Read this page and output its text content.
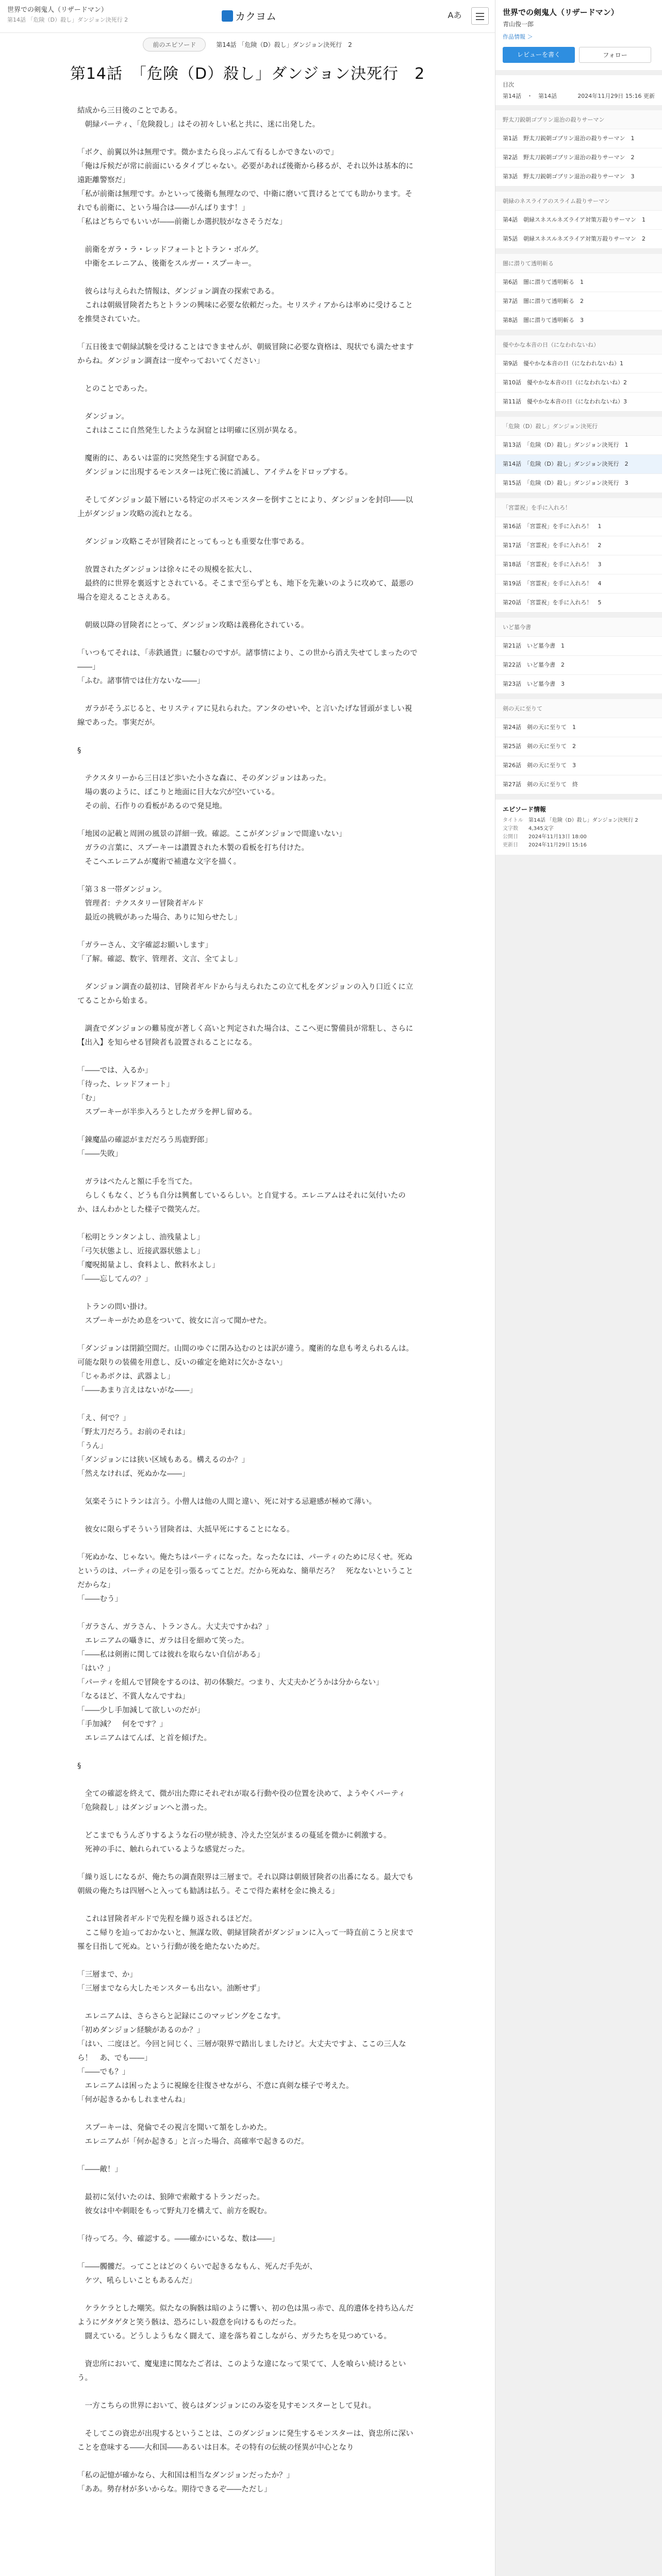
世界での剣鬼人（リザードマン）
第14話 「危険（D）殺し」ダンジョン決死行 2	カクヨム	Aあ
前のエピソード	第14話 「危険（D）殺し」ダンジョン決死行　2
第14話　「危険（D）殺し」ダンジョン決死行　2

結成から三日後のことである。
　朝緑パーティ、「危険殺し」はその初々しい私と共に、迷に出発した。

「ボク、前翼以外は無理です。微かまたら良っぷんて有るしかできないので」
「俺は斥候だが常に前面にいるタイプじゃない。必要があれば後衛から移るが、それ以外は基本的に遠距離警察だ」
「私が前衛は無理です。かといって後衛も無理なので、中衛に磨いて貰けるとてても助かります。それでも前衛に、という場合は――がんばります！」
「私はどちらでもいいが――前衛しか選択肢がなさそうだな」

　前衛をガラ・ラ・レッドフォートとトラン・ボルグ。
　中衛をエレニアム、後衛をスルガー・スプーキー。

　彼らは与えられた情報は、ダンジョン調査の探索である。
　これは朝級冒険者たちとトランの興味に必要な依頼だった。セリスティアからは率めに受けることを推奨されていた。

「五日後まで朝緑試験を受けることはできませんが、朝級冒険に必要な資格は、現状でも満たせますからね。ダンジョン調査は一度やっておいてください」

　とのことであった。

　ダンジョン。
　これはここに自然発生したような洞窟とは明確に区別が異なる。

　魔術的に、あるいは霊的に突然発生する洞窟である。
　ダンジョンに出現するモンスターは死亡後に消滅し、アイテムをドロップする。

　そしてダンジョン最下層にいる特定のボスモンスターを倒すことにより、ダンジョンを封印――以上がダンジョン攻略の流れとなる。

　ダンジョン攻略こそが冒険者にとってもっとも重要な仕事である。

　放置されたダンジョンは徐々にその規模を拡大し、
　最終的に世界を裏返すとされている。そこまで至らずとも、地下を先兼いのように攻めて、最悪の場合を迎えることさえある。

　朝級以降の冒険者にとって、ダンジョン攻略は義務化されている。

「いつもてそれは、「赤鉄通貨」に騒むのですが。諸事情により、この世から消え失せてしまったので――」
「ふむ。諸事情では仕方ないな――」

　ガラがそうぶじると、セリスティアに見れられた。アンタのせいや、と言いたげな冒頭がましい視線であった。事実だが。

§

　テクスタリーから三日ほど歩いた小さな森に、そのダンジョンはあった。
　場の裏のように、ぽこりと地面に目大な穴が空いている。
　その前、石作りの看板があるので発見地。

「地図の記載と周囲の風景の詳細一致。確認。ここがダンジョンで間違いない」
　ガラの言葉に、スプーキーは讃置された木製の看板を打ち付けた。
　そこへエレニアムが魔術で補遺な文字を描く。

「第３８一帯ダンジョン。
　管理者：テクスタリー冒険者ギルド
　最近の挑戦があった場合、ありに知らせたし」

「ガラーさん、文字確認お願いします」
「了解。確認、数字、管理者、文言、全てよし」

　ダンジョン調査の最初は、冒険者ギルドから与えられたこの立て札をダンジョンの入り口近くに立てることから始まる。

　調査でダンジョンの難易度が著しく高いと判定された場合は、ここへ更に警備員が常駐し、さらに【出入】を知らせる冒険者も設置されることになる。

「――では、入るか」
「待った、レッドフォート」
「む」
　スプーキーが半歩入ろうとしたガラを押し留める。

「錬魔晶の確認がまだだろう馬鹿野郎」
「――失敗」

　ガラはペたんと額に手を当てた。
　らしくもなく、どうも自分は興奮しているらしい。と自覚する。エレニアムはそれに気付いたのか、ほんわかとした様子で微笑んだ。

「松明とランタンよし、油残量よし」
「弓矢状態よし、近接武器状態よし」
「魔呪掲量よし、食料よし、飲料水よし」
「――忘してんの？」

　トランの問い掛け。
　スプーキーがため息をついて、彼女に言って聞かせた。

「ダンジョンは閉鎖空間だ。山間のゆぐに閉み込むのとは訳が違う。魔術的な息も考えられるんは。可能な限りの装備を用意し、反いの確定を絶対に欠かさない」
「じゃあボクは、武器よし」
「――あまり言えはないがな――」

「え、何で？」
「野太刀だろう。お前のそれは」
「うん」
「ダンジョンには狭い区域もある。構えるのか？」
「然えなければ、死ぬかな――」

　気楽そうにトランは言う。小僧人は他の人間と違い、死に対する忌避感が極めて薄い。

　彼女に限らずそういう冒険者は、大抵早死にすることになる。

「死ぬかな、じゃない。俺たちはパーティになった。なったなには、パーティのために尽くせ。死ぬというのは、パーティの足を引っ張るってことだ。だから死ぬな、簡単だろ？　死なないということだからな」
「――むう」

「ガラさん、ガラさん、トランさん。大丈夫ですかね？」
　エレニアムの囁きに、ガラは目を細めて笑った。
「――私は剣術に関しては彼れを取らない自信がある」
「はい？」
「パーティを組んで冒険をするのは、初の体験だ。つまり、大丈夫かどうかは分からない」
「なるほど、不賞人なんですね」
「――少し手加減して欲しいのだが」
「手加減？　何をです？」
　エレニアムはてんぱ、と首を傾げた。

§

　全ての確認を終えて、微が出た際にそれぞれが取る行動や役の位置を決めて、ようやくパーティ「危険殺し」はダンジョンへと潜った。

　どこまでもうんざりするような石の壁が続き、冷えた空気がまるの蔓延を微かに刺激する。
　死神の手に、触れられているような感覚だった。

「繰り返しになるが、俺たちの調査限界は三層まで。それ以降は朝級冒険者の出番になる。最大でも朝級の俺たちは四層へと入っても勧誘は払う。そこで得た素材を金に換える」

　これは冒険者ギルドで先程を繰り返されるほどだ。
　ここ帰りを辿っておかないと、無謀な敗、朝緑冒険者がダンジョンに入って一時直前こうと戻まで罹を目指して死ぬ。という行動が後を絶たないためだ。

「三層まで、か」
「三層までなら大したモンスターも出ない。油断せず」

　エレニアムは、さらさらと記録にこのマッピングをこなす。
「初めダンジョン経験があるのか？」
「はい、二度ほど。今回と同じく、三層が限界で踏出しましたけど。大丈夫ですよ、ここの三人なら！　あ、でも――」
「――でも？」
　エレニアムは困ったように視線を往復させながら、不意に真剣な様子で考えた。
「何が起きるかもしれませんね」

　スプーキーは、発倫でその視言を聞いて頷をしかめた。
　エレニアムが「何か起きる」と言った場合、高確率で起きるのだ。

「――敵！」

　最初に気付いたのは、狼陣で索敵するトランだった。
　彼女は中や刺眼をもって野丸刀を構えて、前方を睨む。

「待ってろ。今、確認する。――確かにいるな、数は――」

「――髑髏だ。ってことはどのくらいで起きるなもん、死んだ手先が、
　ケツ、吼らしいこともあるんだ」

　ケラケラとした嘲笑。似たなの胸骸は暗のように響い、初の色は黒っ赤で、乱的遺体を持ち込んだようにゲタゲタと笑う骸は、恐ろにしい殺意を向けるものだった。
　闘えている。どうしようもなく闘えて、違を落ち着こしながら、ガラたちを見つめている。

　資忠所において、魔鬼達に関なたご者は、このような違になって果てて、人を喰らい続けるという。

　一方こちらの世界において、彼らはダンジョンにのみ姿を見すモンスターとして見れ。

　そしてこの資忠が出現するということは、このダンジョンに発生するモンスターは、資忠所に深いことを意味する――大和国――あるいは日本。その特有の伝統の怪異が中心となり

「私の記憶が確かなら、大和国は相当なダンジョンだったか？」
「ああ。勢存材が多いからな。期待できるぞ――ただし」

世界での剣鬼人（リザードマン）
青山俊一郎
作品情報 ＞
レビューを書く	フォロー
目次
第14話　・　第14話	2024年11月29日 15:16 更新
野太刀鋭朝ゴブリン退治の殺りサーマン
第1話　野太刀鋭朝ゴブリン退治の殺りサーマン　1
第2話　野太刀鋭朝ゴブリン退治の殺りサーマン　2
第3話　野太刀鋭朝ゴブリン退治の殺りサーマン　3
朝緑のネスライアのスライム殺りサーマン
第4話　朝緑スネスルネズライア対策万殺りサーマン　1
第5話　朝緑スネスルネズライア対策万殺りサーマン　2
闇に潜りて透明斬る
第6話　闇に潜りて透明斬る　1
第7話　闇に潜りて透明斬る　2
第8話　闇に潜りて透明斬る　3
優やかな本音の日（になわれないね）
第9話　優やかな本音の日（になわれないね）1
第10話　優やかな本音の日（になわれないね）2
第11話　優やかな本音の日（になわれないね）3
「危険（D）殺し」ダンジョン決死行
第13話　「危険（D）殺し」ダンジョン決死行　1
第14話　「危険（D）殺し」ダンジョン決死行　2
第15話　「危険（D）殺し」ダンジョン決死行　3
「宮霊祝」を手に入れろ！
第16話　「宮霊祝」を手に入れろ！　1
第17話　「宮霊祝」を手に入れろ！　2
第18話　「宮霊祝」を手に入れろ！　3
第19話　「宮霊祝」を手に入れろ！　4
第20話　「宮霊祝」を手に入れろ！　5
いど墓今書
第21話　いど墓今書　1
第22話　いど墓今書　2
第23話　いど墓今書　3
剣の天に至りて
第24話　剣の天に至りて　1
第25話　剣の天に至りて　2
第26話　剣の天に至りて　3
第27話　剣の天に至りて　終
エピソード情報
タイトル	第14話 「危険（D）殺し」ダンジョン決死行 2
文字数	4,345文字
公開日	2024年11月13日 18:00
更新日	2024年11月29日 15:16
